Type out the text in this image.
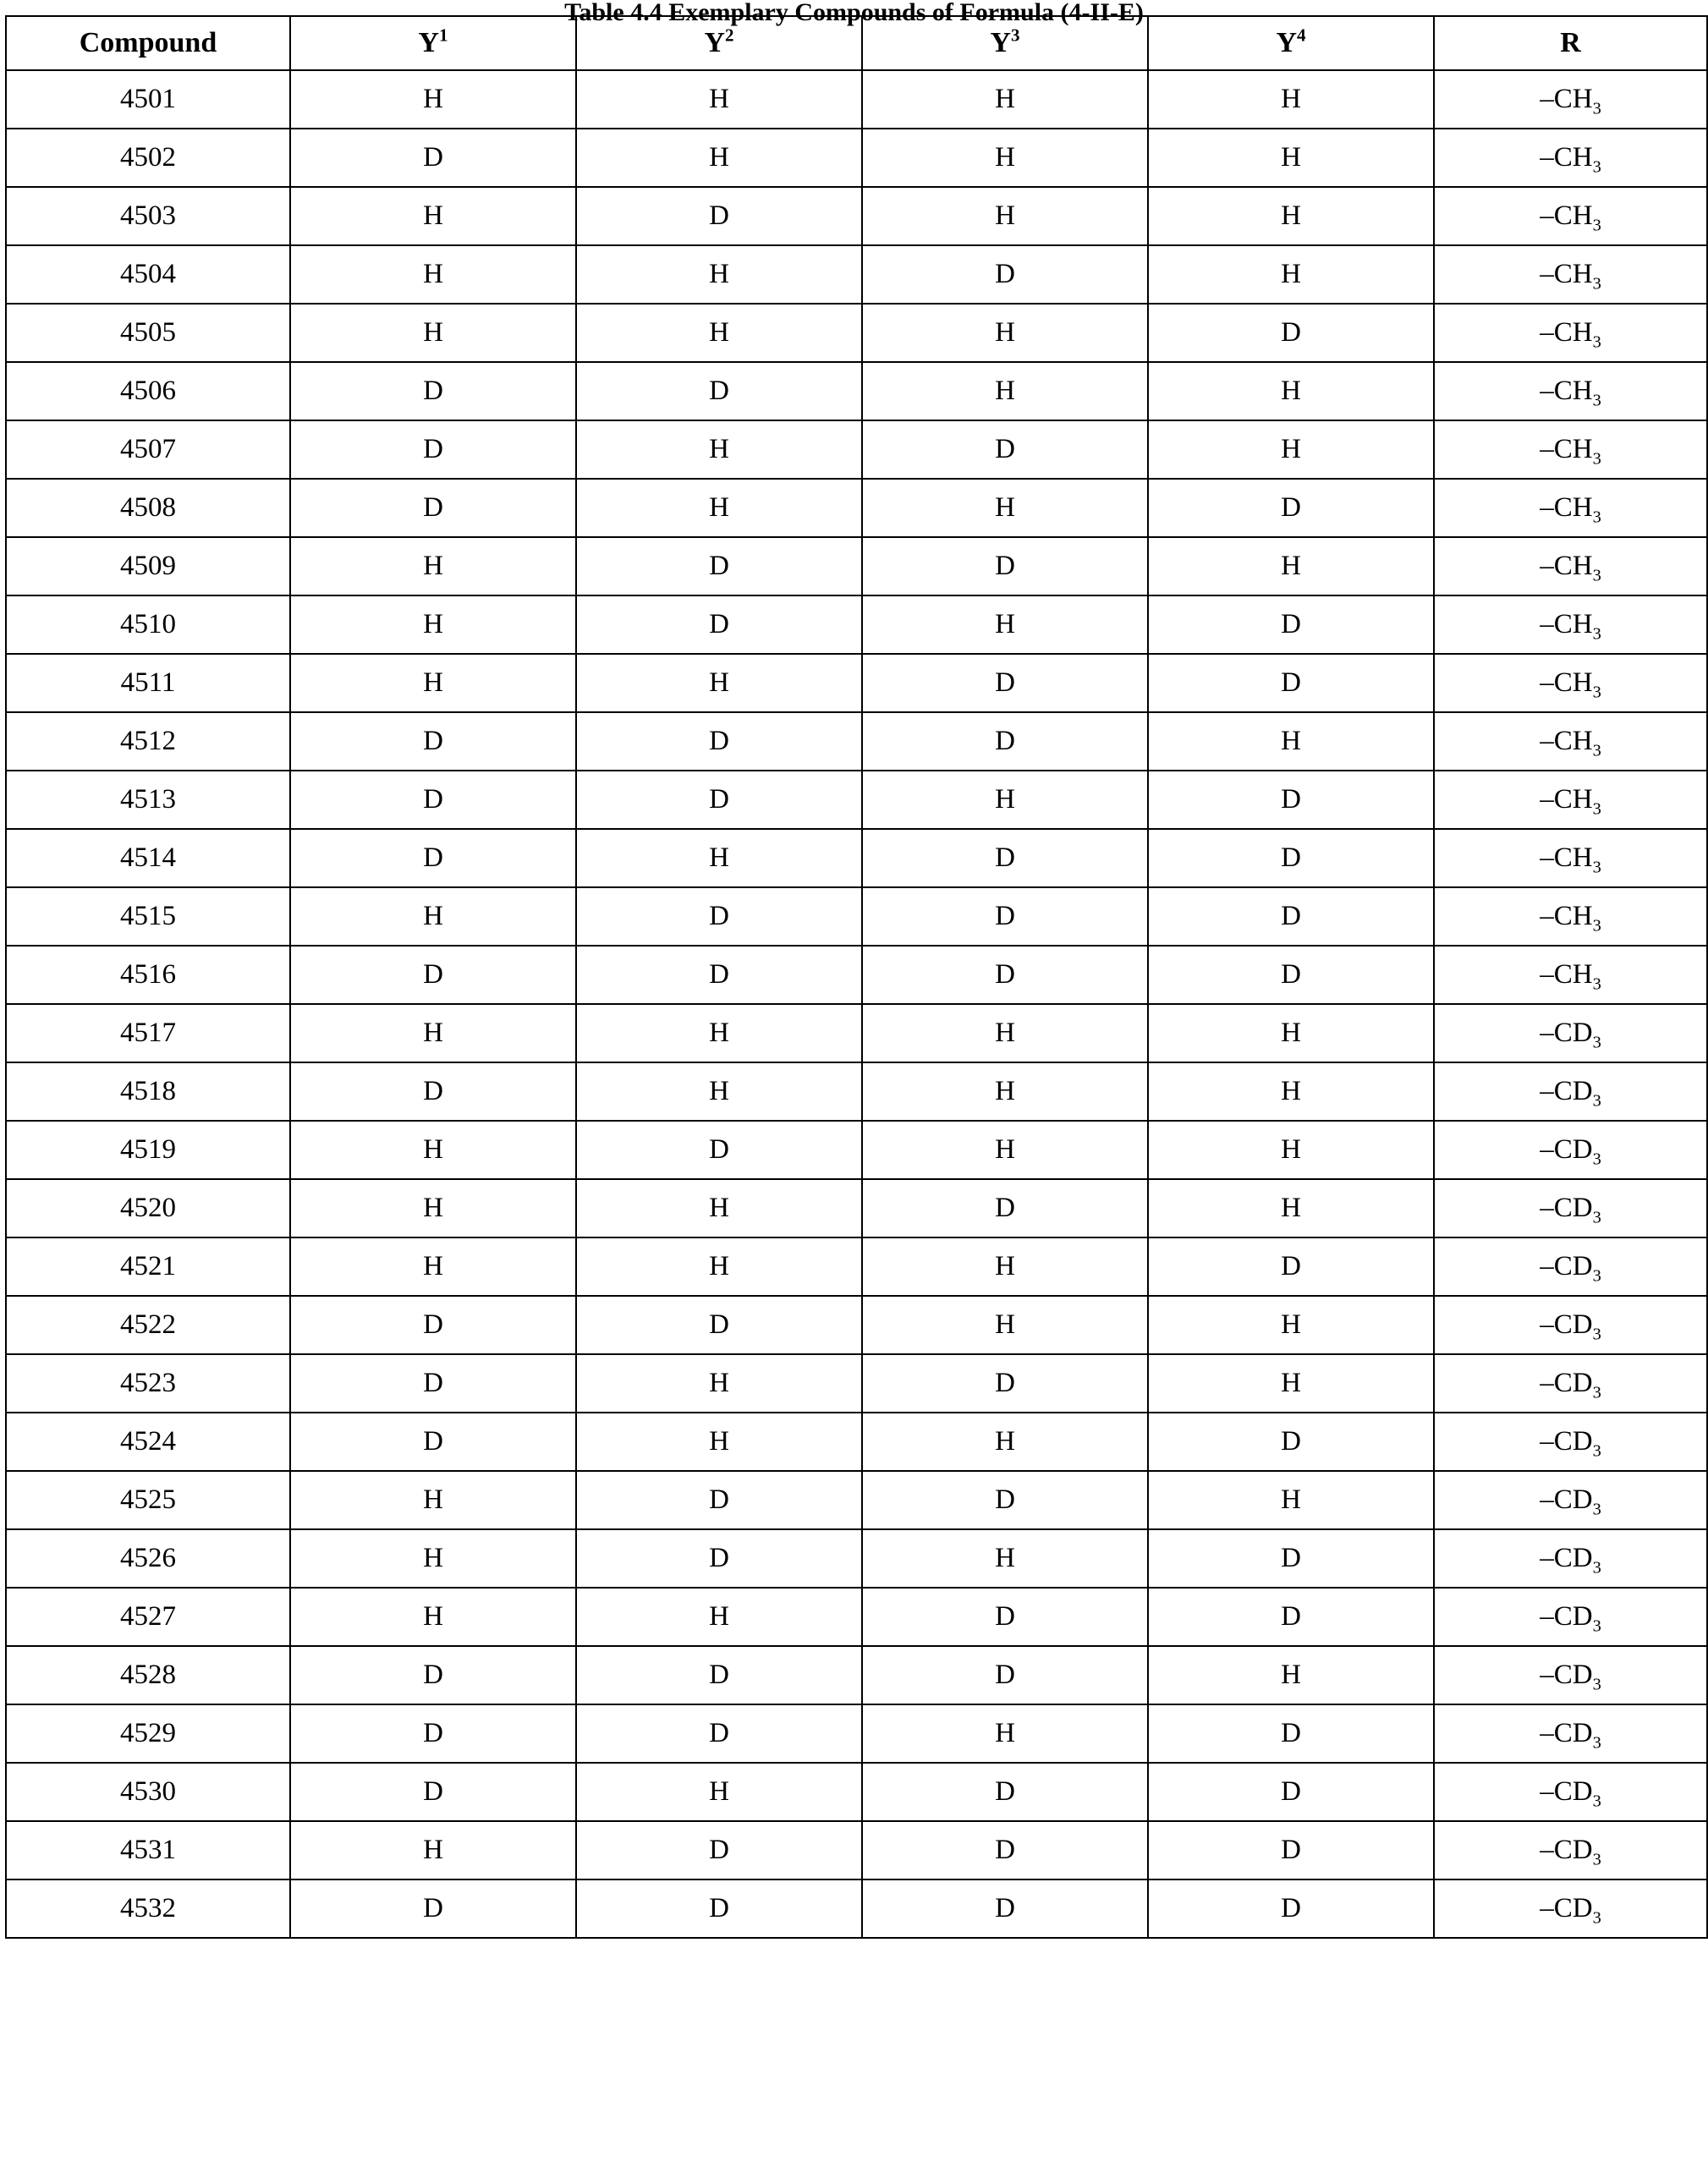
Table 4.4 Exemplary Compounds of Formula (4-II-E)
Compound	$Y^1$	$Y^2$	$Y^3$	$Y^4$	R
4501	H	H	H	H	$-CH_3$
4502	D	H	H	H	$-CH_3$
4503	H	D	H	H	$-CH_3$
4504	H	H	D	H	$-CH_3$
4505	H	H	H	D	$-CH_3$
4506	D	D	H	H	$-CH_3$
4507	D	H	D	H	$-CH_3$
4508	D	H	H	D	$-CH_3$
4509	H	D	D	H	$-CH_3$
4510	H	D	H	D	$-CH_3$
4511	H	H	D	D	$-CH_3$
4512	D	D	D	H	$-CH_3$
4513	D	D	H	D	$-CH_3$
4514	D	H	D	D	$-CH_3$
4515	H	D	D	D	$-CH_3$
4516	D	D	D	D	$-CH_3$
4517	H	H	H	H	$-CD_3$
4518	D	H	H	H	$-CD_3$
4519	H	D	H	H	$-CD_3$
4520	H	H	D	H	$-CD_3$
4521	H	H	H	D	$-CD_3$
4522	D	D	H	H	$-CD_3$
4523	D	H	D	H	$-CD_3$
4524	D	H	H	D	$-CD_3$
4525	H	D	D	H	$-CD_3$
4526	H	D	H	D	$-CD_3$
4527	H	H	D	D	$-CD_3$
4528	D	D	D	H	$-CD_3$
4529	D	D	H	D	$-CD_3$
4530	D	H	D	D	$-CD_3$
4531	H	D	D	D	$-CD_3$
4532	D	D	D	D	$-CD_3$
